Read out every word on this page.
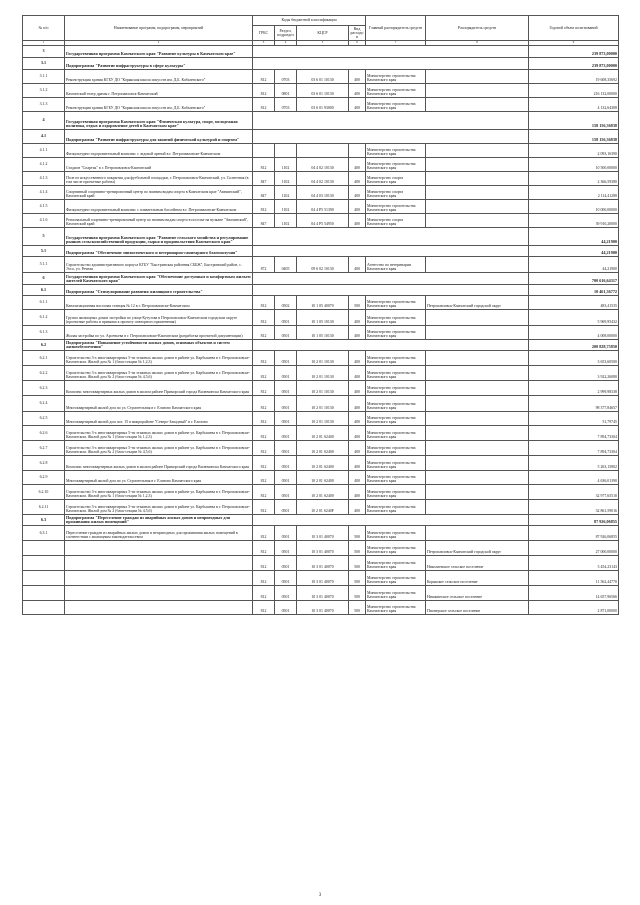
№ п/п	Наименование программ, подпрограмм, мероприятий	Коды бюджетной классификации				Главный распорядитель средств	Распорядитель средств	Годовой объем ассигнований
		ГРБС	Раздел, подраздел	КЦСР	Вид расходов			
1	2	3	4	5	6	7	8	9
3	Государственная программа Камчатского края "Развитие культуры в Камчатском крае"							239 873,00000
3.1	Подпрограмма "Развитие инфраструктуры в сфере культуры"							239 873,00000
3.1.1	Реконструкция здания КГБУ ДО "Корякская школа искусств им. Д.Б. Кабалевского"	812	0703	03 6 01 10130	400	Министерство строительства Камчатского края		19 608,35692
3.1.2	Камчатский театр драмы г. Петропавловск-Камчатский	812	0801	03 6 01 10130	400	Министерство строительства Камчатского края		216 132,00000
3.1.3	Реконструкция здания КГБУ ДО "Корякская школа искусств им. Д.Б. Кабалевского"	812	0703	03 6 01 93000	400	Министерство строительства Камчатского края		4 132,64308
4	Государственная программа Камчатского края "Физическая культура, спорт, молодежная политика, отдых и оздоровление детей в Камчатском крае"							158 156,36838
4.1	Подпрограмма "Развитие инфраструктуры для занятий физической культурой и спортом"							158 156,36838
4.1.1	Физкультурно-оздоровительный комплекс с ледовой ареной в г. Петропавловске-Камчатском					Министерство строительства Камчатского края		2 093,16390
4.1.2	Стадион "Спартак" в г. Петропавловск-Камчатский	812	1102	04 4 02 10130	400	Министерство строительства Камчатского края		10 500,00000
4.1.3	Поле из искусственного покрытия для футбольной площадки, г. Петропавловск-Камчатский, ул. Солнечная (в том числе проектные работы)	847	1102	04 4 02 10130	400	Министерство спорта Камчатского края		2 366,59380
4.1.4	Спортивный спортивно-тренировочный центр по зимним видам спорта в Камчатском крае "Авачинский", Камчатский край	847	1102	04 4 03 10130	400	Министерство спорта Камчатского края		2 114,41288
4.1.5	Физкультурно-оздоровительный комплекс с плавательным бассейном в г. Петропавловске-Камчатском	812	1102	04 4 P5 51390	400	Министерство строительства Камчатского края		10 000,00000
4.1.6	Региональный спортивно-тренировочный центр по зимним видам спорта в поселке на вулкане "Авачинский", Камчатский край	847	1102	04 4 P5 54950	400	Министерство спорта Камчатского края		39 910,20000
5	Государственная программа Камчатского края "Развитие сельского хозяйства и регулирование рынков сельскохозяйственной продукции, сырья и продовольствия Камчатского края"							44,21900
5.1	Подпрограмма "Обеспечение эпизоотического и ветеринарно-санитарного благополучия"							44,21900
5.1.1	Строительство административного корпуса КГБУ "Быстринская районная СББЖ", Быстринский район, с. Эссо, ул. Речная	872	0405	09 6 02 10130	400	Агентство по ветеринарии Камчатского края		44,21900
6	Государственная программа Камчатского края "Обеспечение доступным и комфортным жильем жителей Камчатского края"							700 616,64317
6.1	Подпрограмма "Стимулирование развития жилищного строительства"							10 461,36772
6.1.1	Канализационная насосная станция № 12 в г. Петропавловске-Камчатском	812	0502	10 1 05 40070	500	Министерство строительства Камчатского края	Петропавловск-Камчатский городской округ	483,41535
6.1.2	Группа жилищных домов застройки по улице Кутузова в Петропавловск-Камчатском городском округе (проектные работы и привязка к проекту повторного применения)	812	0501	10 1 05 10130	400	Министерство строительства Камчатского края		5 969,95432
6.1.3	Жилая застройка по ул. Арсеньева в г. Петропавловске-Камчатском (разработка проектной документации)	812	0501	10 1 05 10130	400	Министерство строительства Камчатского края		4 008,00000
6.2	Подпрограмма "Повышение устойчивости жилых домов, основных объектов и систем жизнеобеспечения"							200 828,75850
6.2.1	Строительство 3-х многоквартирных 5-ти этажных жилых домов в районе ул. Карбышева в г. Петропавловске-Камчатском. Жилой дом № 1 (блок-секции № 1,2,3)	812	0501	10 2 01 10130	400	Министерство строительства Камчатского края		3 653,60500
6.2.2	Строительство 3-х многоквартирных 5-ти этажных жилых домов в районе ул. Карбышева в г. Петропавловске-Камчатском. Жилой дом № 2 (блок-секции № 4,5,6)	812	0501	10 2 01 10130	400	Министерство строительства Камчатского края		3 922,26080
6.2.3	Комплекс многоквартирных жилых домов в жилом районе Приморский города Вилючинска Камчатского края	812	0501	10 2 01 10130	400	Министерство строительства Камчатского края		2 999,98338
6.2.4	Многоквартирный жилой дом по ул. Строительная в г. Елизово Камчатского края	812	0501	10 2 01 10130	400	Министерство строительства Камчатского края		98 377,84657
6.2.5	Многоквартирный жилой дом поз. 15 в микрорайоне "Северо-Западный" в г. Елизово	812	0501	10 2 01 10130	400	Министерство строительства Камчатского края		51,79745
6.2.6	Строительство 3-х многоквартирных 5-ти этажных жилых домов в районе ул. Карбышева в г. Петропавловске-Камчатском. Жилой дом № 1 (блок-секции № 1,2,3)	812	0501	10 2 01 S2400	400	Министерство строительства Камчатского края		7 894,73304
6.2.7	Строительство 3-х многоквартирных 5-ти этажных жилых домов в районе ул. Карбышева в г. Петропавловске-Камчатском. Жилой дом № 2 (блок-секции № 4,5,6)	812	0501	10 2 01 S2400	400	Министерство строительства Камчатского края		7 894,73304
6.2.8	Комплекс многоквартирных жилых домов в жилом районе Приморский города Вилючинска Камчатского края	812	0501	10 2 01 S2400	400	Министерство строительства Камчатского края		5 263,15802
6.2.9	Многоквартирный жилой дом по ул. Строительная в г. Елизово Камчатского края	812	0501	10 2 01 S2400	400	Министерство строительства Камчатского края		4 636,01390
6.2.10	Строительство 3-х многоквартирных 5-ти этажных жилых домов в районе ул. Карбышева в г. Петропавловске-Камчатском. Жилой дом № 1 (блок-секции № 1,2,3)	812	0501	10 2 01 S2400	400	Министерство строительства Камчатского края		32 977,65510
6.2.11	Строительство 3-х многоквартирных 5-ти этажных жилых домов в районе ул. Карбышева в г. Петропавловске-Камчатском. Жилой дом № 2 (блок-секции № 4,5,6)	812	0501	10 2 01 S240F	400	Министерство строительства Камчатского края		32 861,59016
6.3	Подпрограмма "Переселение граждан из аварийных жилых домов и непригодных для проживания жилых помещений"							87 926,06855
6.3.1	Переселение граждан из аварийных жилых домов и непригодных для проживания жилых помещений в соответствии с жилищным законодательством	812	0501	10 3 01 40070	500	Министерство строительства Камчатского края		87 926,06855
		812	0501	10 3 01 40070	500	Министерство строительства Камчатского края	Петропавловск-Камчатский городской округ	27 000,00000
		812	0501	10 3 01 40070	500	Министерство строительства Камчатского края	Николаевское сельское поселение	3 454,23143
		812	0501	10 3 01 40070	500	Министерство строительства Камчатского края	Корякское сельское поселение	11 562,44770
		812	0501	10 3 01 40070	500	Министерство строительства Камчатского края	Начикинское сельское поселение	14 657,96566
		812	0501	10 3 01 40070	500	Министерство строительства Камчатского края	Пионерское сельское поселение	2 871,00000
3
